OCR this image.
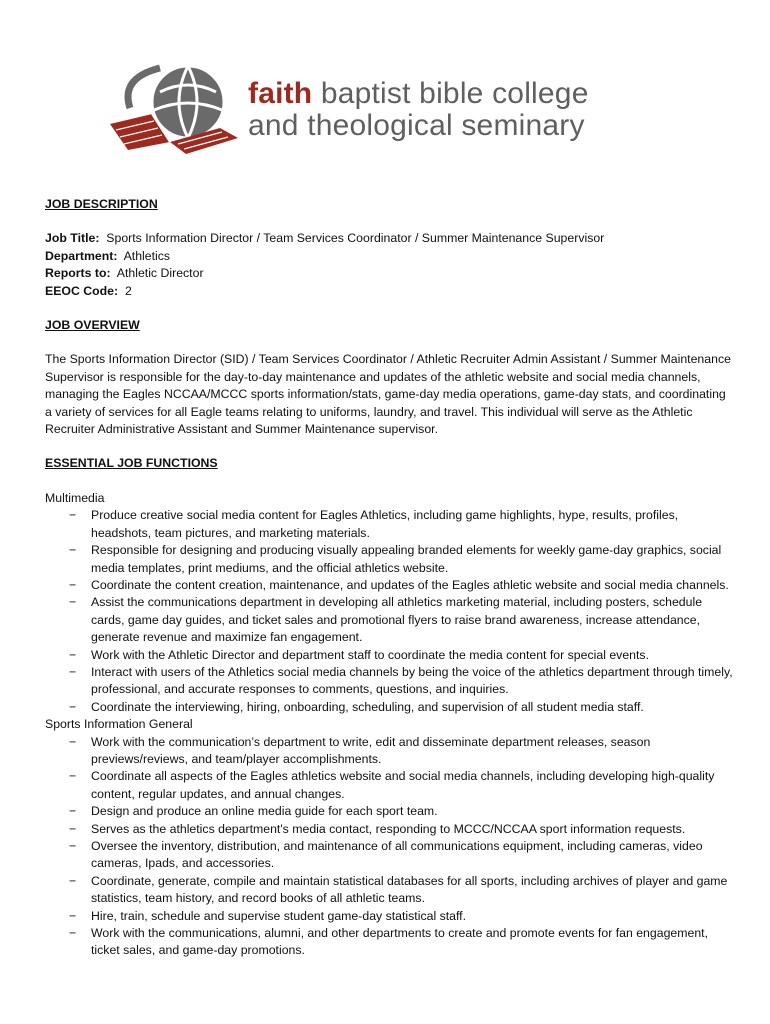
faith baptist bible college
and theological seminary

JOB DESCRIPTION

Job Title: Sports Information Director / Team Services Coordinator / Summer Maintenance Supervisor

Department: Athletics

Reports to: Athletic Director

EEOC Code: 2

JOB OVERVIEW

The Sports Information Director (SID) / Team Services Coordinator / Athletic Recruiter Admin Assistant / Summer Maintenance Supervisor is responsible for the day-to-day maintenance and updates of the athletic website and social media channels, managing the Eagles NCCAA/MCCC sports information/stats, game-day media operations, game-day stats, and coordinating a variety of services for all Eagle teams relating to uniforms, laundry, and travel. This individual will serve as the Athletic Recruiter Administrative Assistant and Summer Maintenance supervisor.

ESSENTIAL JOB FUNCTIONS

Multimedia

− Produce creative social media content for Eagles Athletics, including game highlights, hype, results, profiles, headshots, team pictures, and marketing materials.
− Responsible for designing and producing visually appealing branded elements for weekly game-day graphics, social media templates, print mediums, and the official athletics website.
− Coordinate the content creation, maintenance, and updates of the Eagles athletic website and social media channels.
− Assist the communications department in developing all athletics marketing material, including posters, schedule cards, game day guides, and ticket sales and promotional flyers to raise brand awareness, increase attendance, generate revenue and maximize fan engagement.
− Work with the Athletic Director and department staff to coordinate the media content for special events.
− Interact with users of the Athletics social media channels by being the voice of the athletics department through timely, professional, and accurate responses to comments, questions, and inquiries.
− Coordinate the interviewing, hiring, onboarding, scheduling, and supervision of all student media staff.

Sports Information General

− Work with the communication’s department to write, edit and disseminate department releases, season previews/reviews, and team/player accomplishments.
− Coordinate all aspects of the Eagles athletics website and social media channels, including developing high-quality content, regular updates, and annual changes.
− Design and produce an online media guide for each sport team.
− Serves as the athletics department's media contact, responding to MCCC/NCCAA sport information requests.
− Oversee the inventory, distribution, and maintenance of all communications equipment, including cameras, video cameras, Ipads, and accessories.
− Coordinate, generate, compile and maintain statistical databases for all sports, including archives of player and game statistics, team history, and record books of all athletic teams.
− Hire, train, schedule and supervise student game-day statistical staff.
− Work with the communications, alumni, and other departments to create and promote events for fan engagement, ticket sales, and game-day promotions.
